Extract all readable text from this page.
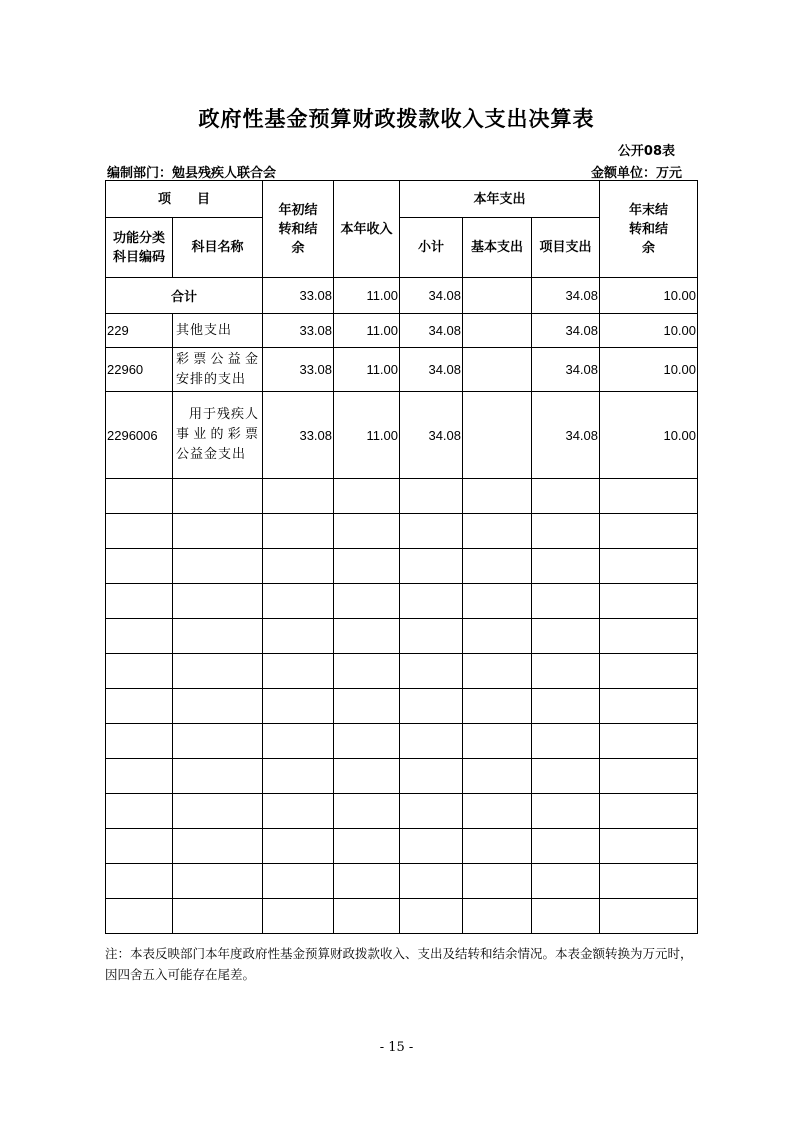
政府性基金预算财政拨款收入支出决算表
公开08表
编制部门：勉县残疾人联合会	金额单位：万元
项　　目		年初结转和结余	本年收入	本年支出			年末结转和结余
功能分类科目编码	科目名称			小计	基本支出	项目支出	
合计		33.08	11.00	34.08		34.08	10.00
229	其他支出	33.08	11.00	34.08		34.08	10.00
22960	彩票公益金安排的支出	33.08	11.00	34.08		34.08	10.00
2296006	用于残疾人事业的彩票公益金支出	33.08	11.00	34.08		34.08	10.00

注：本表反映部门本年度政府性基金预算财政拨款收入、支出及结转和结余情况。本表金额转换为万元时，因四舍五入可能存在尾差。
- 15 -
